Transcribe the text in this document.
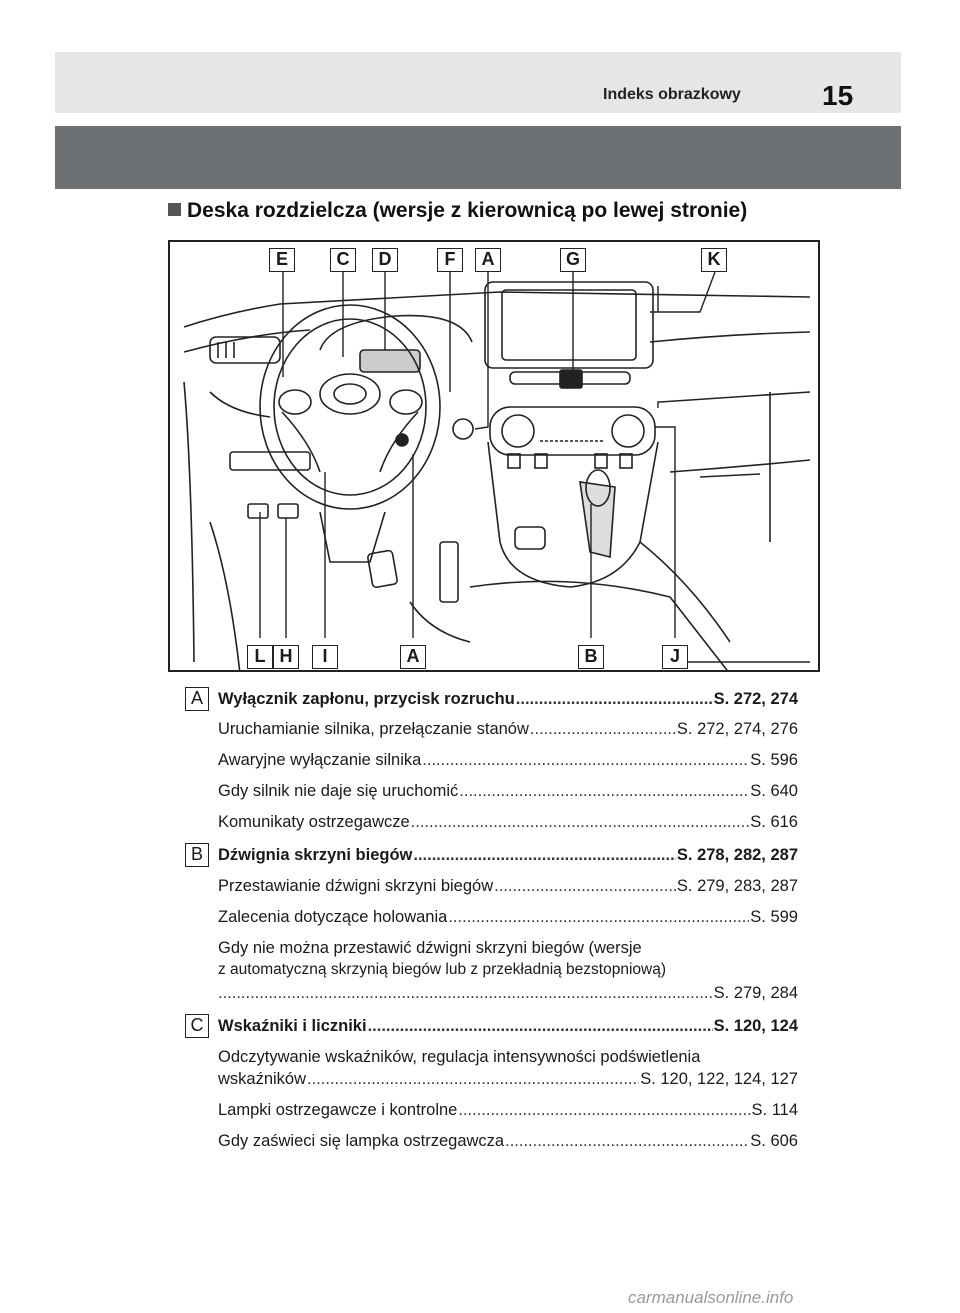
Indeks obrazkowy	15
Deska rozdzielcza (wersje z kierownicą po lewej stronie)
E	C	D	F	A	G	K
L H	I	A	B	J
A Wyłącznik zapłonu, przycisk rozruchu .....	S. 272, 274
Uruchamianie silnika, przełączanie stanów .....	S. 272, 274, 276
Awaryjne wyłączanie silnika .....	S. 596
Gdy silnik nie daje się uruchomić .....	S. 640
Komunikaty ostrzegawcze .....	S. 616
B Dźwignia skrzyni biegów .....	S. 278, 282, 287
Przestawianie dźwigni skrzyni biegów .....	S. 279, 283, 287
Zalecenia dotyczące holowania .....	S. 599
Gdy nie można przestawić dźwigni skrzyni biegów (wersje
z automatyczną skrzynią biegów lub z przekładnią bezstopniową)
.....
S. 279, 284
C Wskaźniki i liczniki .....	S. 120, 124
Odczytywanie wskaźników, regulacja intensywności podświetlenia
wskaźników .....	S. 120, 122, 124, 127
Lampki ostrzegawcze i kontrolne .....	S. 114
Gdy zaświeci się lampka ostrzegawcza .....	S. 606
carmanualsonline.info
